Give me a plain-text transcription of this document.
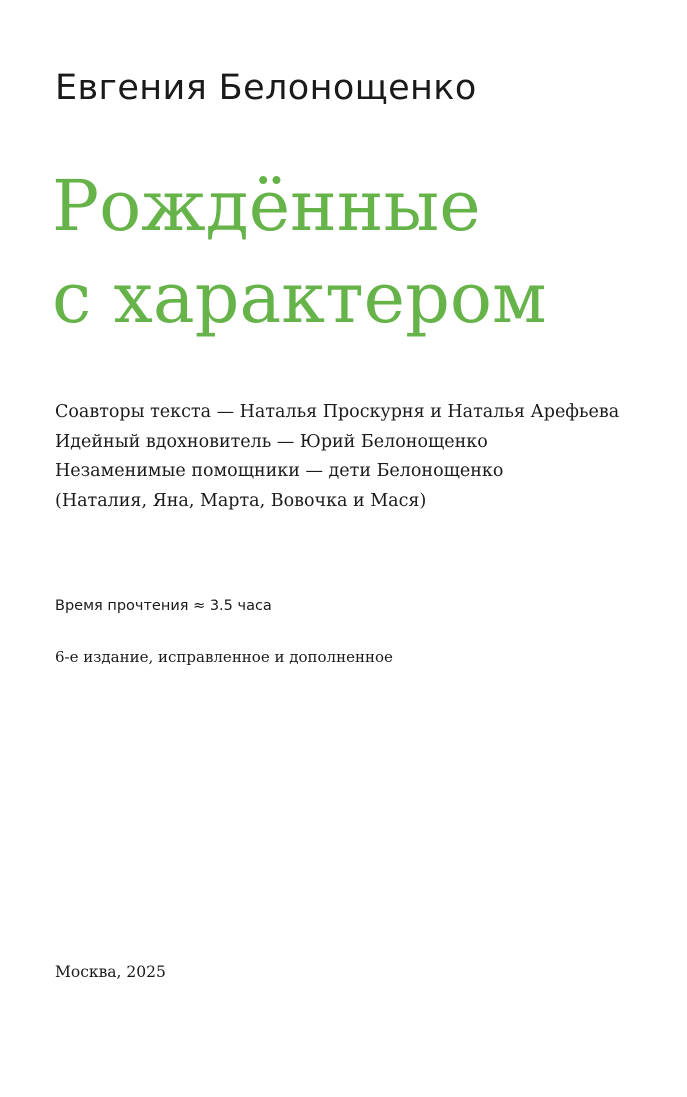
Евгения Белонощенко
Рождённые
с характером
Соавторы текста — Наталья Проскурня и Наталья Арефьева
Идейный вдохновитель — Юрий Белонощенко
Незаменимые помощники — дети Белонощенко
(Наталия, Яна, Марта, Вовочка и Мася)
Время прочтения ≈ 3.5 часа
6-е издание, исправленное и дополненное
Москва, 2025
